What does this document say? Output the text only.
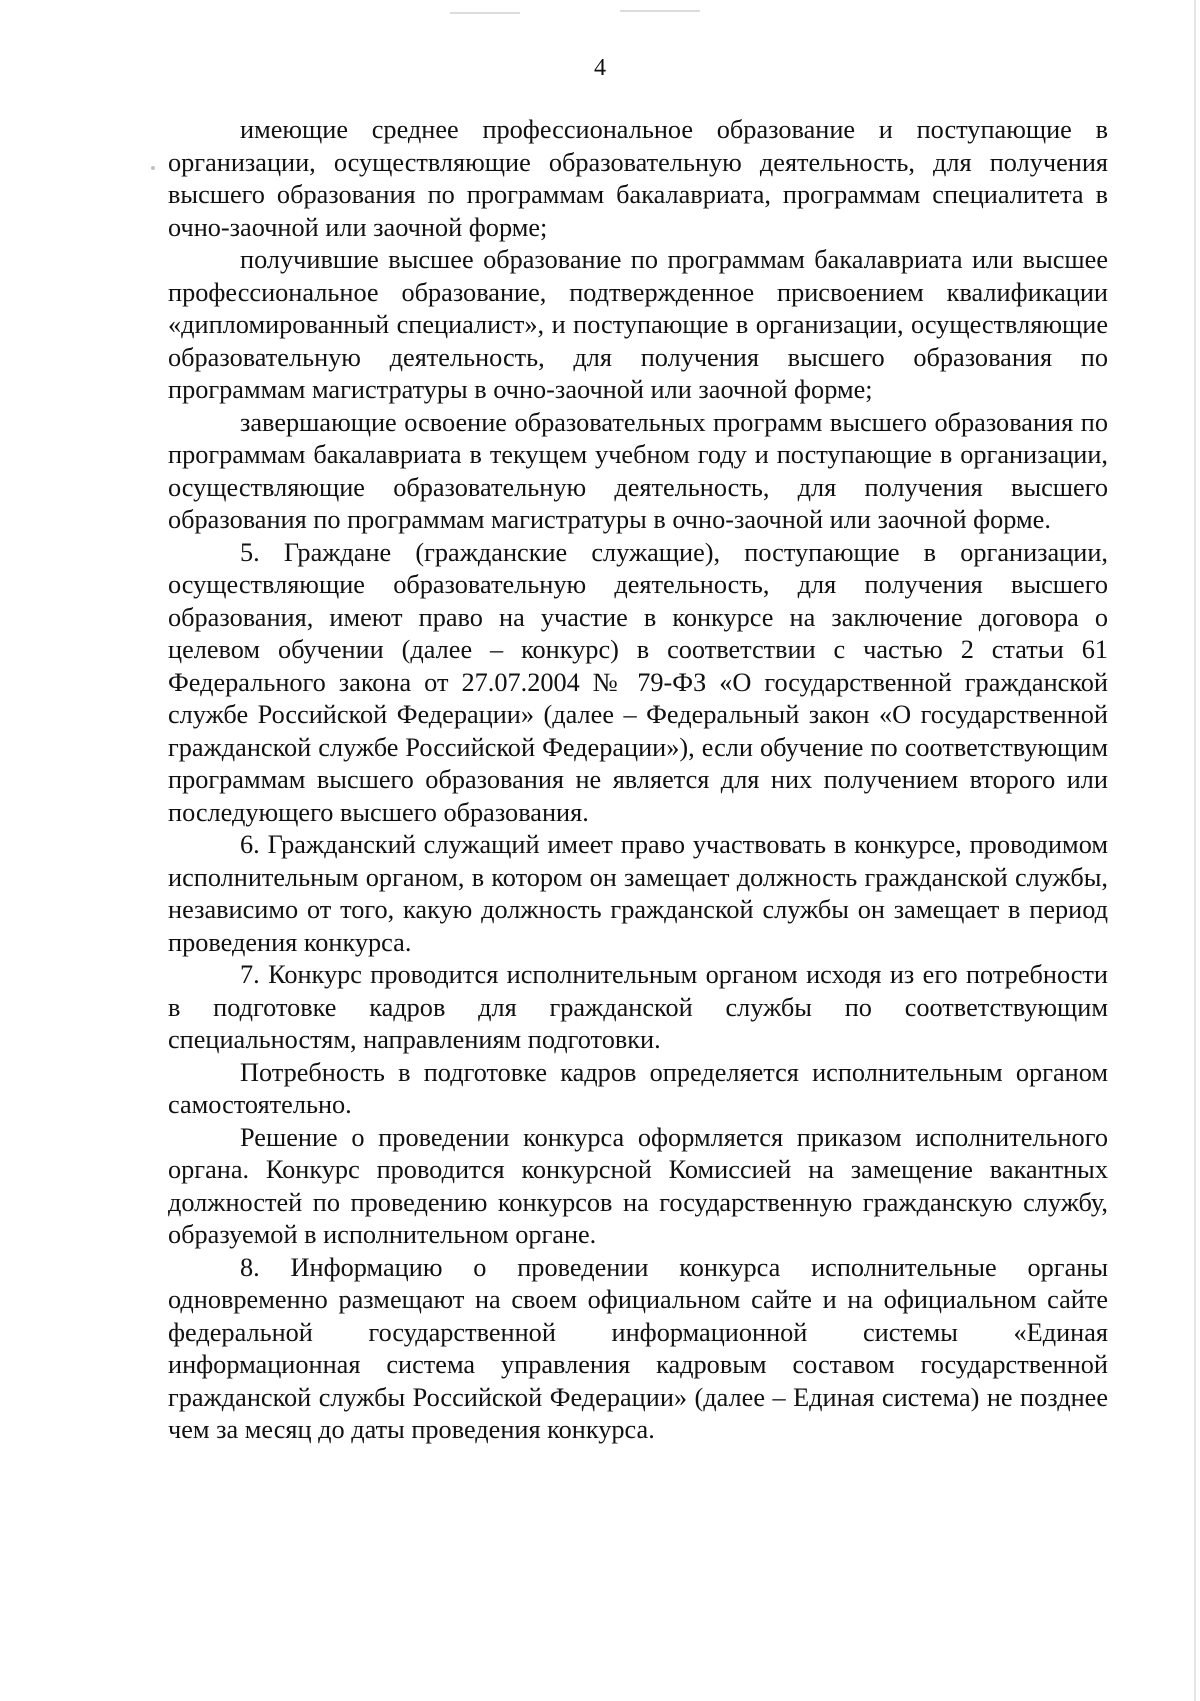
4

имеющие среднее профессиональное образование и поступающие в организации, осуществляющие образовательную деятельность, для получения высшего образования по программам бакалавриата, программам специалитета в очно-заочной или заочной форме;

получившие высшее образование по программам бакалавриата или высшее профессиональное образование, подтвержденное присвоением квалификации «дипломированный специалист», и поступающие в организации, осуществляющие образовательную деятельность, для получения высшего образования по программам магистратуры в очно-заочной или заочной форме;

завершающие освоение образовательных программ высшего образования по программам бакалавриата в текущем учебном году и поступающие в организации, осуществляющие образовательную деятельность, для получения высшего образования по программам магистратуры в очно-заочной или заочной форме.

5. Граждане (гражданские служащие), поступающие в организации, осуществляющие образовательную деятельность, для получения высшего образования, имеют право на участие в конкурсе на заключение договора о целевом обучении (далее – конкурс) в соответствии с частью 2 статьи 61 Федерального закона от 27.07.2004 № 79-ФЗ «О государственной гражданской службе Российской Федерации» (далее – Федеральный закон «О государственной гражданской службе Российской Федерации»), если обучение по соответствующим программам высшего образования не является для них получением второго или последующего высшего образования.

6. Гражданский служащий имеет право участвовать в конкурсе, проводимом исполнительным органом, в котором он замещает должность гражданской службы, независимо от того, какую должность гражданской службы он замещает в период проведения конкурса.

7. Конкурс проводится исполнительным органом исходя из его потребности в подготовке кадров для гражданской службы по соответствующим специальностям, направлениям подготовки.

Потребность в подготовке кадров определяется исполнительным органом самостоятельно.

Решение о проведении конкурса оформляется приказом исполнительного органа. Конкурс проводится конкурсной Комиссией на замещение вакантных должностей по проведению конкурсов на государственную гражданскую службу, образуемой в исполнительном органе.

8. Информацию о проведении конкурса исполнительные органы одновременно размещают на своем официальном сайте и на официальном сайте федеральной государственной информационной системы «Единая информационная система управления кадровым составом государственной гражданской службы Российской Федерации» (далее – Единая система) не позднее чем за месяц до даты проведения конкурса.
